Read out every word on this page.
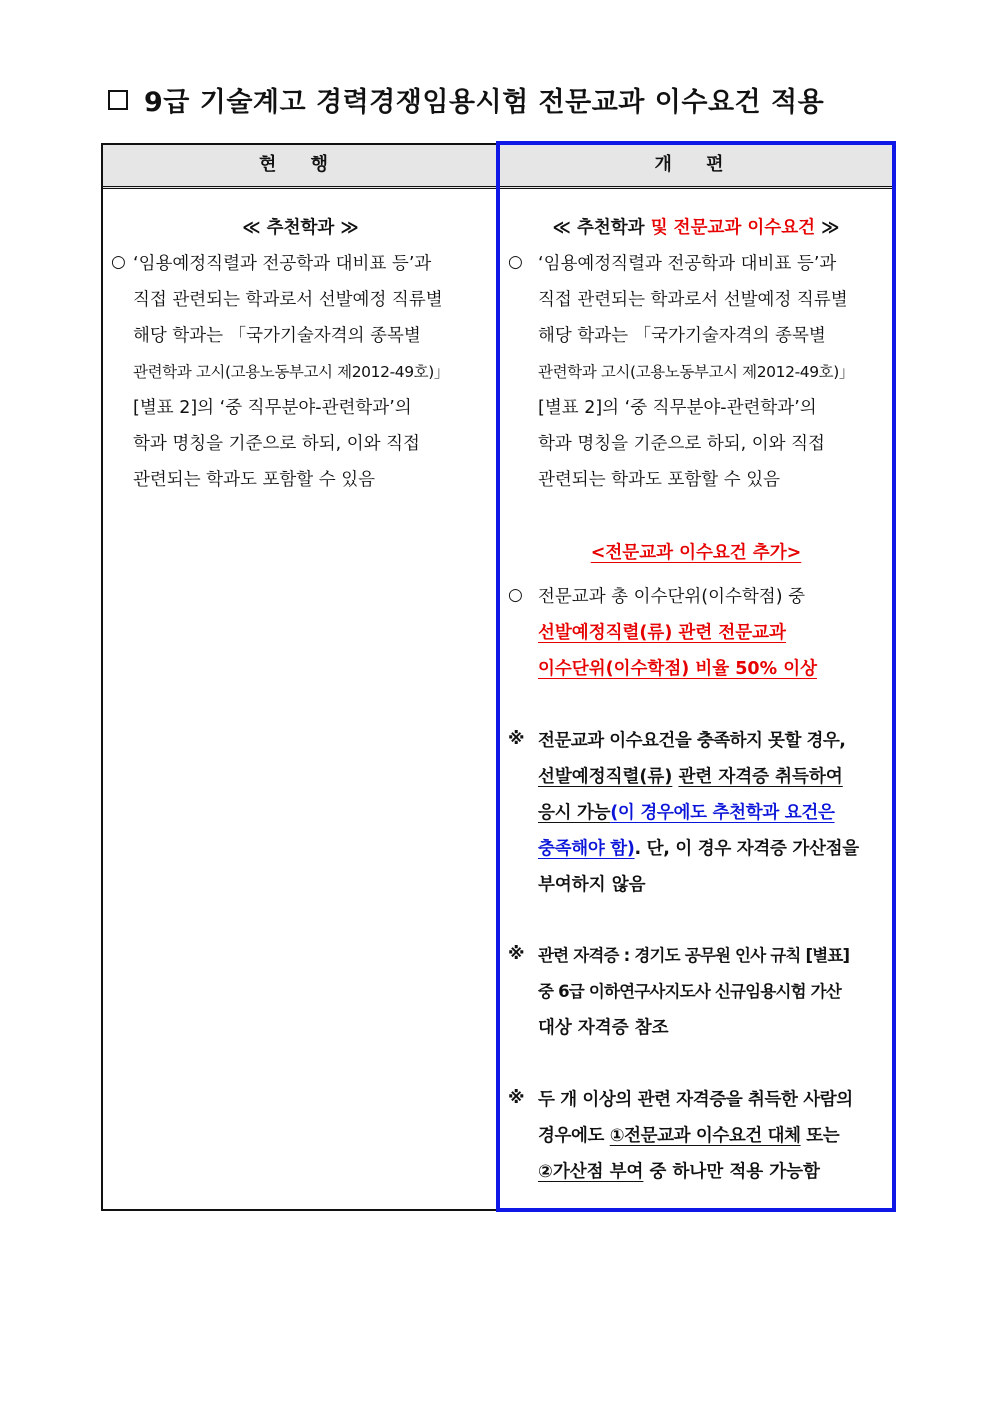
9급 기술계고 경력경쟁임용시험 전문교과 이수요건 적용
현 행	개 편
≪ 추천학과 ≫
○ ‘임용예정직렬과 전공학과 대비표 등’과
직접 관련되는 학과로서 선발예정 직류별
해당 학과는 「국가기술자격의 종목별
관련학과 고시(고용노동부고시 제2012-49호)」
[별표 2]의 ‘중 직무분야-관련학과’의
학과 명칭을 기준으로 하되, 이와 직접
관련되는 학과도 포함할 수 있음
≪ 추천학과 및 전문교과 이수요건 ≫
○ ‘임용예정직렬과 전공학과 대비표 등’과
직접 관련되는 학과로서 선발예정 직류별
해당 학과는 「국가기술자격의 종목별
관련학과 고시(고용노동부고시 제2012-49호)」
[별표 2]의 ‘중 직무분야-관련학과’의
학과 명칭을 기준으로 하되, 이와 직접
관련되는 학과도 포함할 수 있음
<전문교과 이수요건 추가>
○ 전문교과 총 이수단위(이수학점) 중
선발예정직렬(류) 관련 전문교과
이수단위(이수학점) 비율 50% 이상
※ 전문교과 이수요건을 충족하지 못할 경우,
선발예정직렬(류) 관련 자격증 취득하여
응시 가능(이 경우에도 추천학과 요건은
충족해야 함). 단, 이 경우 자격증 가산점을
부여하지 않음
※ 관련 자격증 : 경기도 공무원 인사 규칙 [별표]
중 6급 이하연구사지도사 신규임용시험 가산
대상 자격증 참조
※ 두 개 이상의 관련 자격증을 취득한 사람의
경우에도 ①전문교과 이수요건 대체 또는
②가산점 부여 중 하나만 적용 가능함
